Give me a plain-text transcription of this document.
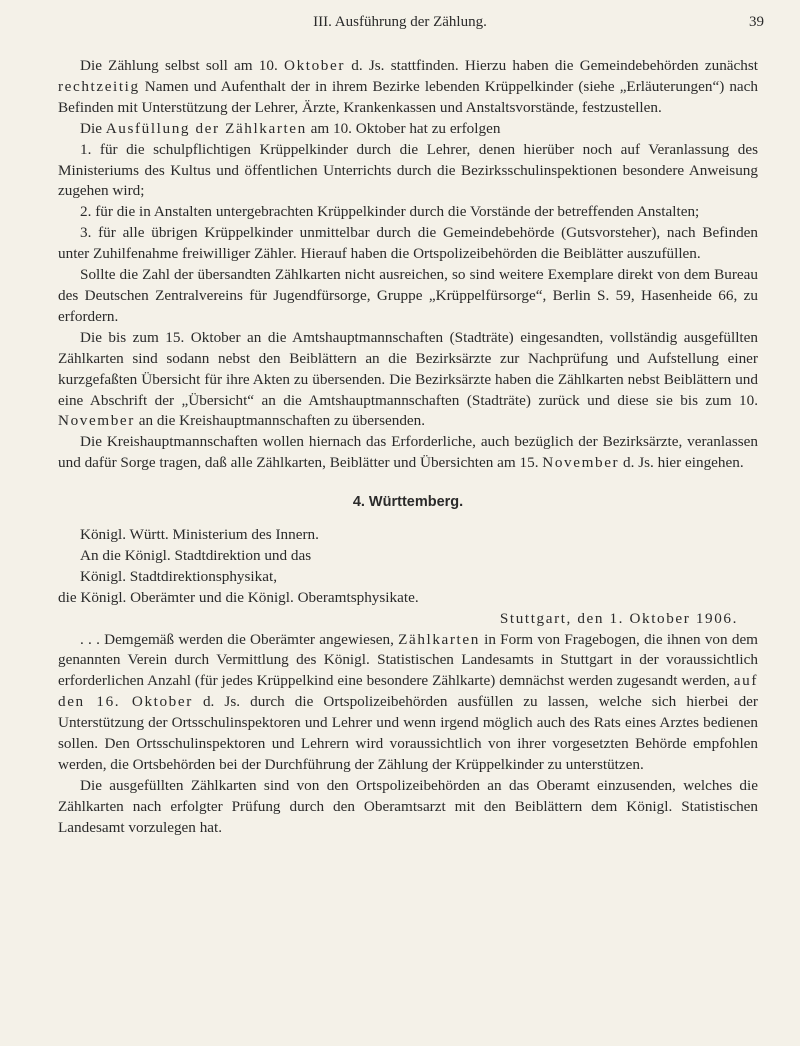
III. Ausführung der Zählung.	39

Die Zählung selbst soll am 10. Oktober d. Js. stattfinden. Hierzu haben die Gemeindebehörden zunächst rechtzeitig Namen und Aufenthalt der in ihrem Bezirke lebenden Krüppelkinder (siehe „Erläuterungen“) nach Befinden mit Unterstützung der Lehrer, Ärzte, Krankenkassen und Anstaltsvorstände, festzustellen.

Die Ausfüllung der Zählkarten am 10. Oktober hat zu erfolgen

1. für die schulpflichtigen Krüppelkinder durch die Lehrer, denen hierüber noch auf Veranlassung des Ministeriums des Kultus und öffentlichen Unterrichts durch die Bezirksschulinspektionen besondere Anweisung zugehen wird;

2. für die in Anstalten untergebrachten Krüppelkinder durch die Vorstände der betreffenden Anstalten;

3. für alle übrigen Krüppelkinder unmittelbar durch die Gemeindebehörde (Gutsvorsteher), nach Befinden unter Zuhilfenahme freiwilliger Zähler. Hierauf haben die Ortspolizeibehörden die Beiblätter auszufüllen.

Sollte die Zahl der übersandten Zählkarten nicht ausreichen, so sind weitere Exemplare direkt von dem Bureau des Deutschen Zentralvereins für Jugendfürsorge, Gruppe „Krüppelfürsorge“, Berlin S. 59, Hasenheide 66, zu erfordern.

Die bis zum 15. Oktober an die Amtshauptmannschaften (Stadträte) eingesandten, vollständig ausgefüllten Zählkarten sind sodann nebst den Beiblättern an die Bezirksärzte zur Nachprüfung und Aufstellung einer kurzgefaßten Übersicht für ihre Akten zu übersenden. Die Bezirksärzte haben die Zählkarten nebst Beiblättern und eine Abschrift der „Übersicht“ an die Amtshauptmannschaften (Stadträte) zurück und diese sie bis zum 10. November an die Kreishauptmannschaften zu übersenden.

Die Kreishauptmannschaften wollen hiernach das Erforderliche, auch bezüglich der Bezirksärzte, veranlassen und dafür Sorge tragen, daß alle Zählkarten, Beiblätter und Übersichten am 15. November d. Js. hier eingehen.

4. Württemberg.

Königl. Württ. Ministerium des Innern.
An die Königl. Stadtdirektion und das
Königl. Stadtdirektionsphysikat,
die Königl. Oberämter und die Königl. Oberamtsphysikate.

Stuttgart, den 1. Oktober 1906.

. . . Demgemäß werden die Oberämter angewiesen, Zählkarten in Form von Fragebogen, die ihnen von dem genannten Verein durch Vermittlung des Königl. Statistischen Landesamts in Stuttgart in der voraussichtlich erforderlichen Anzahl (für jedes Krüppelkind eine besondere Zählkarte) demnächst werden zugesandt werden, auf den 16. Oktober d. Js. durch die Ortspolizeibehörden ausfüllen zu lassen, welche sich hierbei der Unterstützung der Ortsschulinspektoren und Lehrer und wenn irgend möglich auch des Rats eines Arztes bedienen sollen. Den Ortsschulinspektoren und Lehrern wird voraussichtlich von ihrer vorgesetzten Behörde empfohlen werden, die Ortsbehörden bei der Durchführung der Zählung der Krüppelkinder zu unterstützen.

Die ausgefüllten Zählkarten sind von den Ortspolizeibehörden an das Oberamt einzusenden, welches die Zählkarten nach erfolgter Prüfung durch den Oberamtsarzt mit den Beiblättern dem Königl. Statistischen Landesamt vorzulegen hat.
